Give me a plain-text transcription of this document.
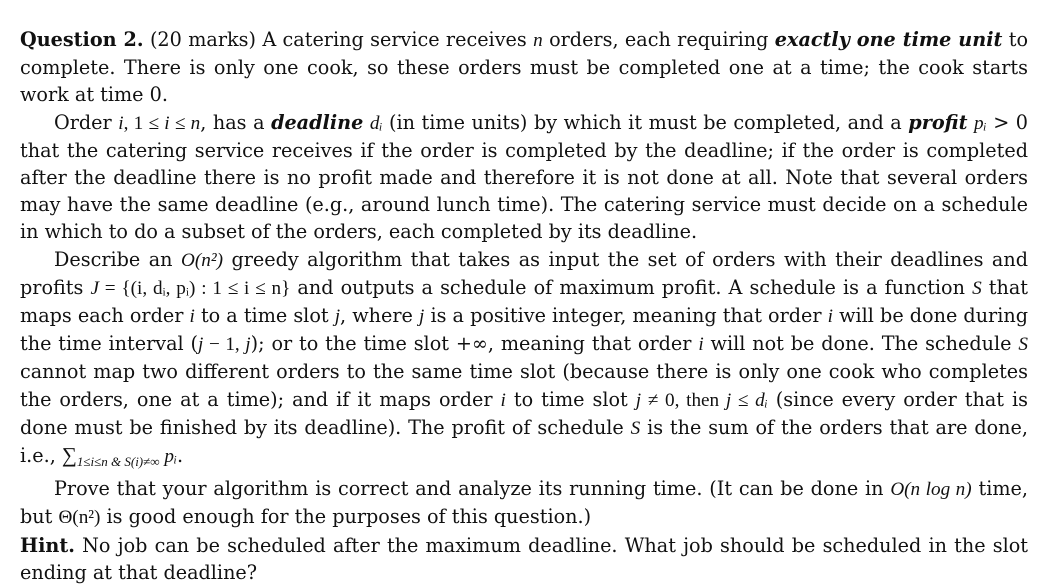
Question 2. (20 marks) A catering service receives n orders, each requiring exactly one time unit to complete. There is only one cook, so these orders must be completed one at a time; the cook starts work at time 0.

Order i, 1 ≤ i ≤ n, has a deadline dᵢ (in time units) by which it must be completed, and a profit pᵢ > 0 that the catering service receives if the order is completed by the deadline; if the order is completed after the deadline there is no profit made and therefore it is not done at all. Note that several orders may have the same deadline (e.g., around lunch time). The catering service must decide on a schedule in which to do a subset of the orders, each completed by its deadline.

Describe an O(n²) greedy algorithm that takes as input the set of orders with their deadlines and profits J = {(i, dᵢ, pᵢ) : 1 ≤ i ≤ n} and outputs a schedule of maximum profit. A schedule is a function S that maps each order i to a time slot j, where j is a positive integer, meaning that order i will be done during the time interval (j − 1, j); or to the time slot +∞, meaning that order i will not be done. The schedule S cannot map two different orders to the same time slot (because there is only one cook who completes the orders, one at a time); and if it maps order i to time slot j ≠ 0, then j ≤ dᵢ (since every order that is done must be finished by its deadline). The profit of schedule S is the sum of the orders that are done, i.e., $\sum_{1\le i\le n \& S(i)\ne\infty}$ pᵢ.

Prove that your algorithm is correct and analyze its running time. (It can be done in O(n log n) time, but Θ(n²) is good enough for the purposes of this question.)

Hint. No job can be scheduled after the maximum deadline. What job should be scheduled in the slot ending at that deadline?
